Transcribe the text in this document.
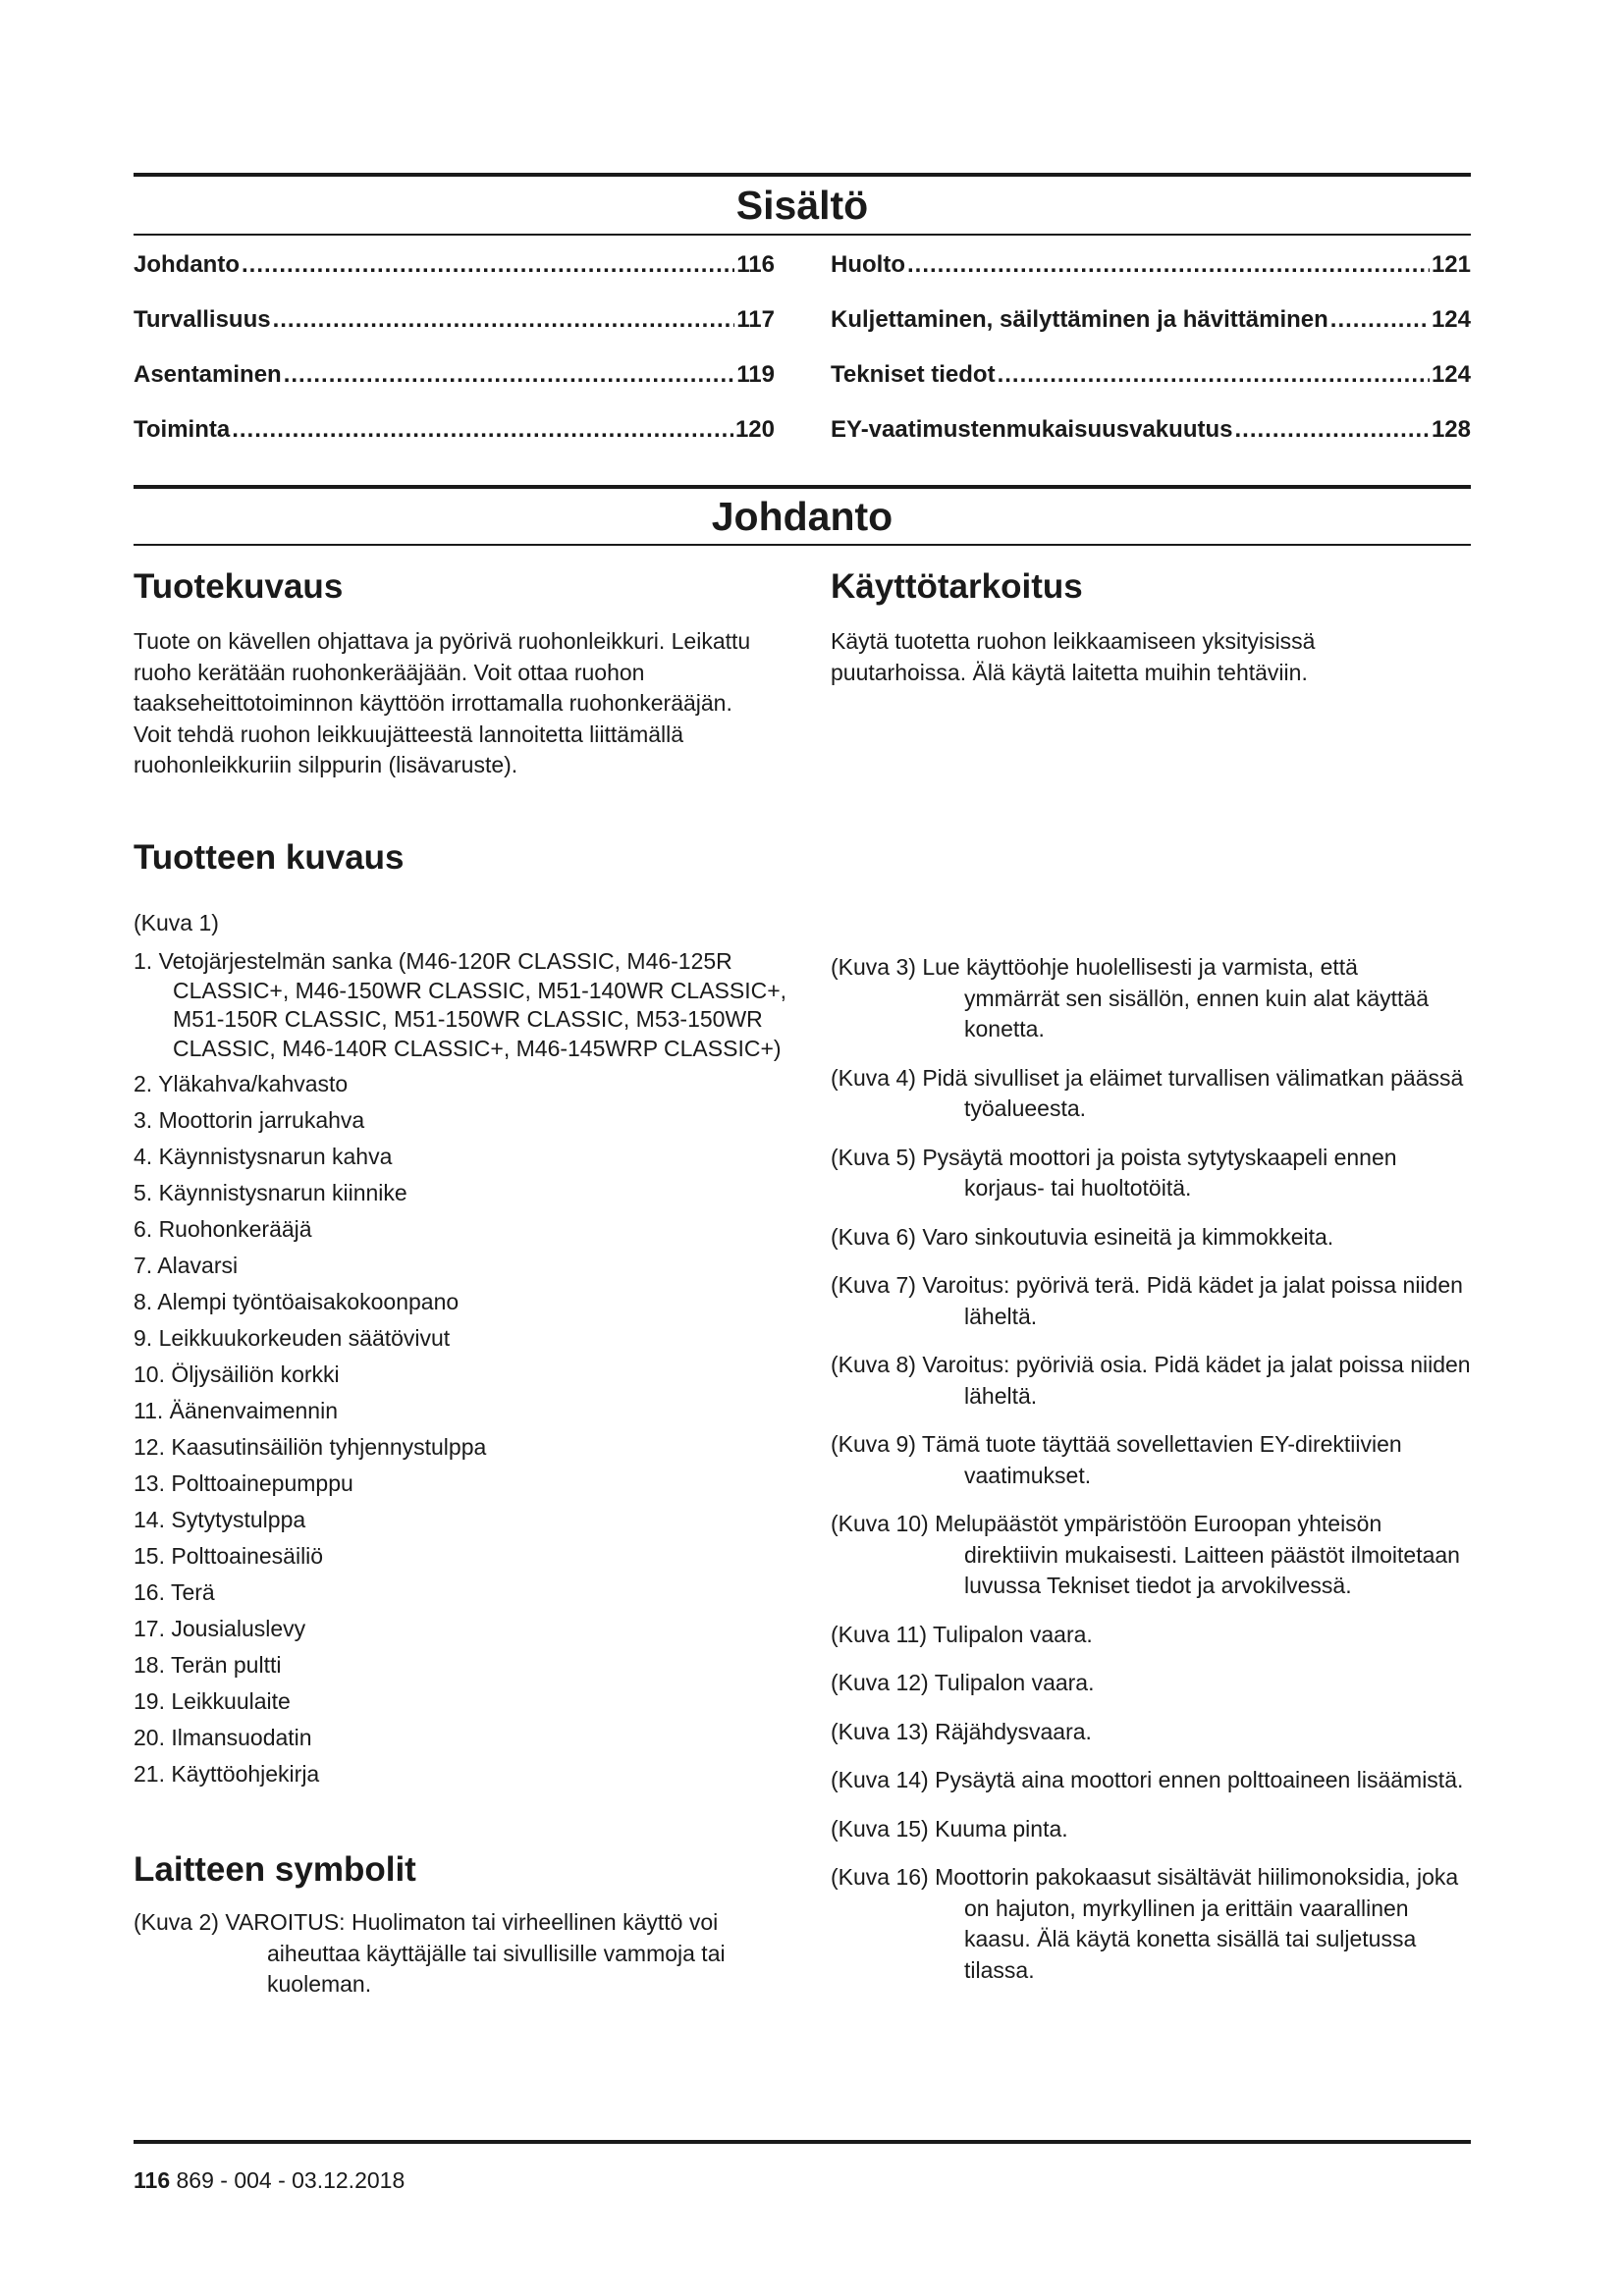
Sisältö
Johdanto .....	116
Turvallisuus .....	117
Asentaminen .....	119
Toiminta .....	120
Huolto .....	121
Kuljettaminen, säilyttäminen ja hävittäminen .....	124
Tekniset tiedot .....	124
EY-vaatimustenmukaisuusvakuutus .....	128
Johdanto
Tuotekuvaus
Tuote on kävellen ohjattava ja pyörivä ruohonleikkuri. Leikattu ruoho kerätään ruohonkerääjään. Voit ottaa ruohon taakseheittotoiminnon käyttöön irrottamalla ruohonkerääjän. Voit tehdä ruohon leikkuujätteestä lannoitetta liittämällä ruohonleikkuriin silppurin (lisävaruste).
Käyttötarkoitus
Käytä tuotetta ruohon leikkaamiseen yksityisissä puutarhoissa. Älä käytä laitetta muihin tehtäviin.
Tuotteen kuvaus
(Kuva 1)
1. Vetojärjestelmän sanka (M46-120R CLASSIC, M46-125R CLASSIC+, M46-150WR CLASSIC, M51-140WR CLASSIC+, M51-150R CLASSIC, M51-150WR CLASSIC, M53-150WR CLASSIC, M46-140R CLASSIC+, M46-145WRP CLASSIC+)
2. Yläkahva/kahvasto
3. Moottorin jarrukahva
4. Käynnistysnarun kahva
5. Käynnistysnarun kiinnike
6. Ruohonkerääjä
7. Alavarsi
8. Alempi työntöaisakokoonpano
9. Leikkuukorkeuden säätövivut
10. Öljysäiliön korkki
11. Äänenvaimennin
12. Kaasutinsäiliön tyhjennystulppa
13. Polttoainepumppu
14. Sytytystulppa
15. Polttoainesäiliö
16. Terä
17. Jousialuslevy
18. Terän pultti
19. Leikkuulaite
20. Ilmansuodatin
21. Käyttöohjekirja
Laitteen symbolit
(Kuva 2) VAROITUS: Huolimaton tai virheellinen käyttö voi aiheuttaa käyttäjälle tai sivullisille vammoja tai kuoleman.
(Kuva 3) Lue käyttöohje huolellisesti ja varmista, että ymmärrät sen sisällön, ennen kuin alat käyttää konetta.
(Kuva 4) Pidä sivulliset ja eläimet turvallisen välimatkan päässä työalueesta.
(Kuva 5) Pysäytä moottori ja poista sytytyskaapeli ennen korjaus- tai huoltotöitä.
(Kuva 6) Varo sinkoutuvia esineitä ja kimmokkeita.
(Kuva 7) Varoitus: pyörivä terä. Pidä kädet ja jalat poissa niiden läheltä.
(Kuva 8) Varoitus: pyöriviä osia. Pidä kädet ja jalat poissa niiden läheltä.
(Kuva 9) Tämä tuote täyttää sovellettavien EY-direktiivien vaatimukset.
(Kuva 10) Melupäästöt ympäristöön Euroopan yhteisön direktiivin mukaisesti. Laitteen päästöt ilmoitetaan luvussa Tekniset tiedot ja arvokilvessä.
(Kuva 11) Tulipalon vaara.
(Kuva 12) Tulipalon vaara.
(Kuva 13) Räjähdysvaara.
(Kuva 14) Pysäytä aina moottori ennen polttoaineen lisäämistä.
(Kuva 15) Kuuma pinta.
(Kuva 16) Moottorin pakokaasut sisältävät hiilimonoksidia, joka on hajuton, myrkyllinen ja erittäin vaarallinen kaasu. Älä käytä konetta sisällä tai suljetussa tilassa.
116 869 - 004 - 03.12.2018
